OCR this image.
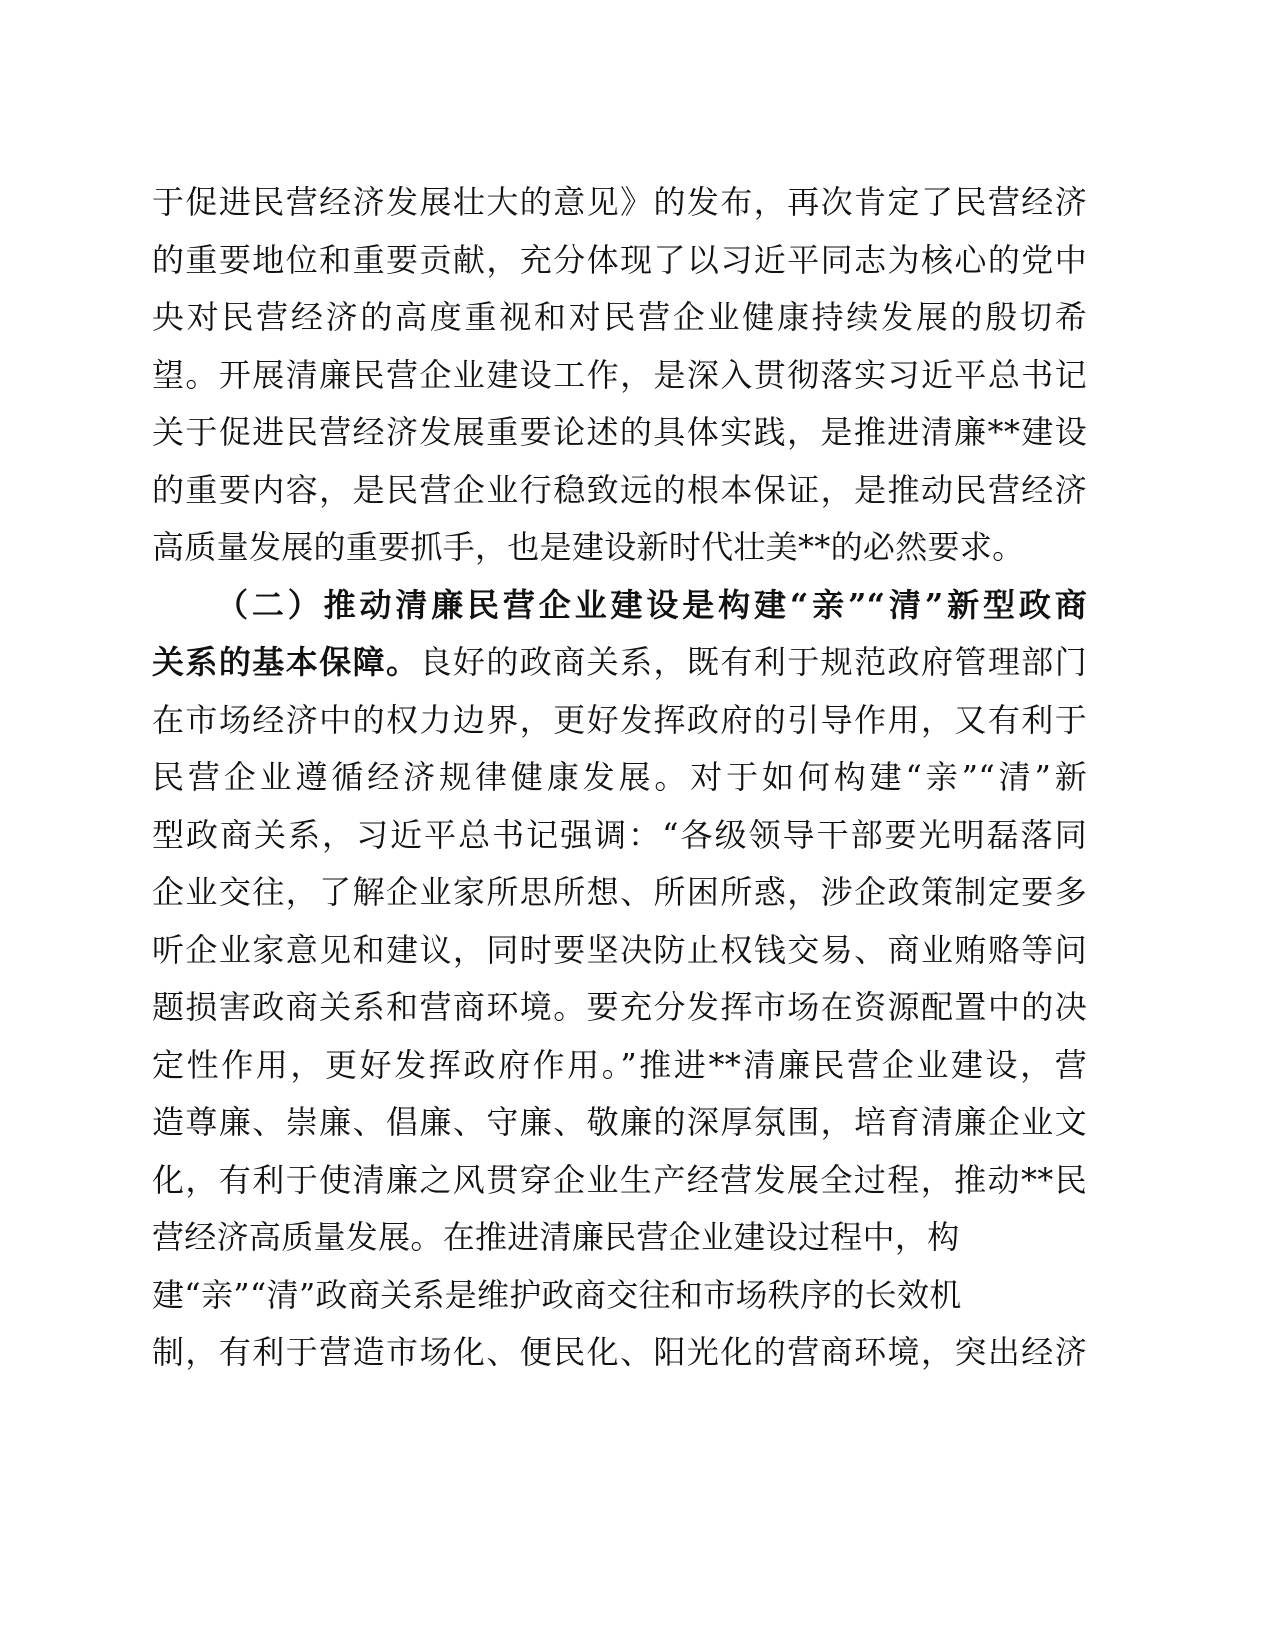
于促进民营经济发展壮大的意见》的发布，再次肯定了民营经济
的重要地位和重要贡献，充分体现了以习近平同志为核心的党中
央对民营经济的高度重视和对民营企业健康持续发展的殷切希
望。开展清廉民营企业建设工作，是深入贯彻落实习近平总书记
关于促进民营经济发展重要论述的具体实践，是推进清廉**建设
的重要内容，是民营企业行稳致远的根本保证，是推动民营经济
高质量发展的重要抓手，也是建设新时代壮美**的必然要求。
（二）推动清廉民营企业建设是构建“亲”“清”新型政商
关系的基本保障。良好的政商关系，既有利于规范政府管理部门
在市场经济中的权力边界，更好发挥政府的引导作用，又有利于
民营企业遵循经济规律健康发展。对于如何构建“亲”“清”新
型政商关系，习近平总书记强调：“各级领导干部要光明磊落同
企业交往，了解企业家所思所想、所困所惑，涉企政策制定要多
听企业家意见和建议，同时要坚决防止权钱交易、商业贿赂等问
题损害政商关系和营商环境。要充分发挥市场在资源配置中的决
定性作用，更好发挥政府作用。”推进**清廉民营企业建设，营
造尊廉、崇廉、倡廉、守廉、敬廉的深厚氛围，培育清廉企业文
化，有利于使清廉之风贯穿企业生产经营发展全过程，推动**民
营经济高质量发展。在推进清廉民营企业建设过程中，构
建“亲”“清”政商关系是维护政商交往和市场秩序的长效机
制，有利于营造市场化、便民化、阳光化的营商环境，突出经济
